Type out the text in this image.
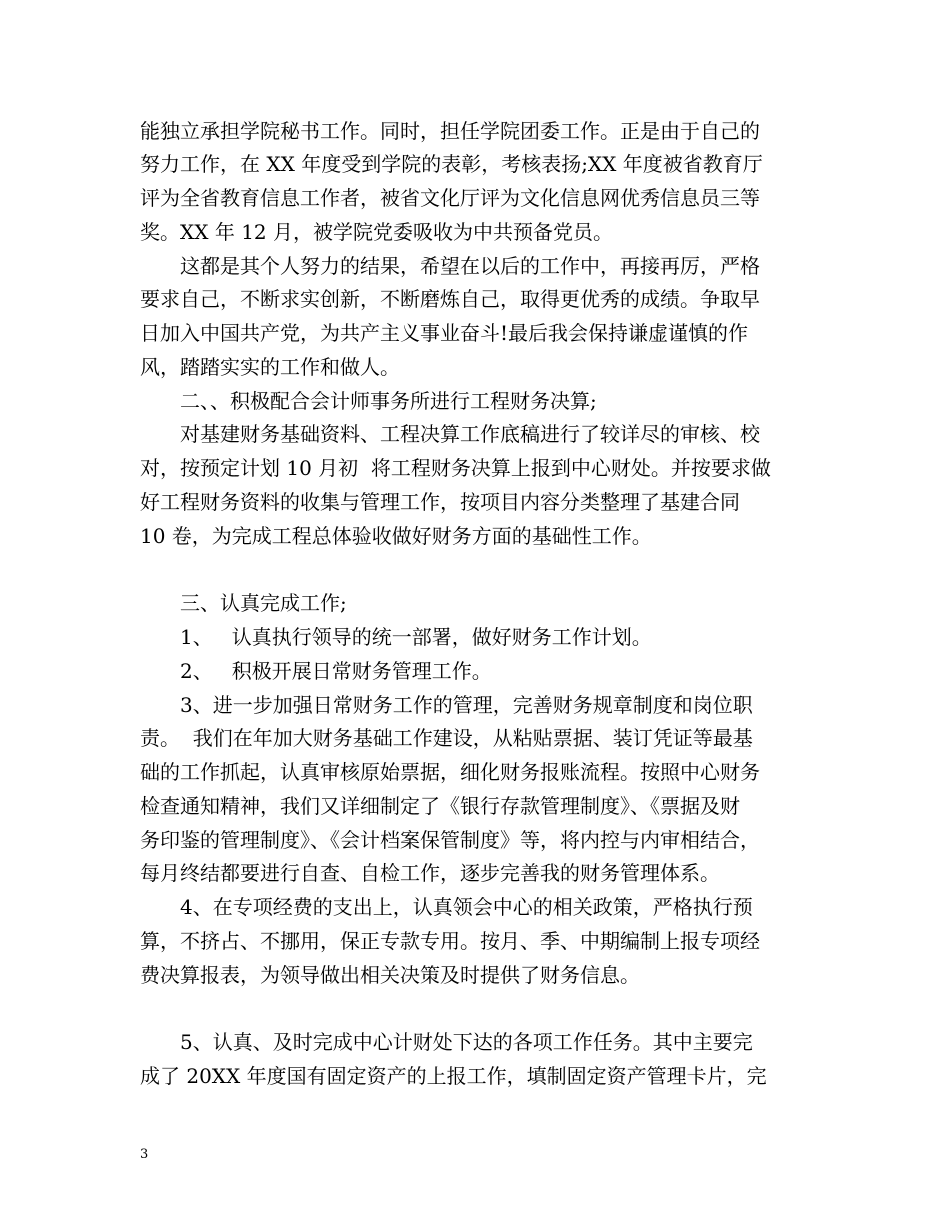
能独立承担学院秘书工作。同时，担任学院团委工作。正是由于自己的
努力工作，在 XX 年度受到学院的表彰，考核表扬;XX 年度被省教育厅
评为全省教育信息工作者，被省文化厅评为文化信息网优秀信息员三等
奖。XX 年 12 月，被学院党委吸收为中共预备党员。
这都是其个人努力的结果，希望在以后的工作中，再接再厉，严格
要求自己，不断求实创新，不断磨炼自己，取得更优秀的成绩。争取早
日加入中国共产党，为共产主义事业奋斗!最后我会保持谦虚谨慎的作
风，踏踏实实的工作和做人。
二、、积极配合会计师事务所进行工程财务决算;
对基建财务基础资料、工程决算工作底稿进行了较详尽的审核、校
对，按预定计划 10 月初  将工程财务决算上报到中心财处。并按要求做
好工程财务资料的收集与管理工作，按项目内容分类整理了基建合同
10 卷，为完成工程总体验收做好财务方面的基础性工作。
三、认真完成工作;
1、   认真执行领导的统一部署，做好财务工作计划。
2、   积极开展日常财务管理工作。
3、进一步加强日常财务工作的管理，完善财务规章制度和岗位职
责。  我们在年加大财务基础工作建设，从粘贴票据、装订凭证等最基
础的工作抓起，认真审核原始票据，细化财务报账流程。按照中心财务
检查通知精神，我们又详细制定了《银行存款管理制度》、《票据及财
务印鉴的管理制度》、《会计档案保管制度》等，将内控与内审相结合，
每月终结都要进行自查、自检工作，逐步完善我的财务管理体系。
4、在专项经费的支出上，认真领会中心的相关政策，严格执行预
算，不挤占、不挪用，保正专款专用。按月、季、中期编制上报专项经
费决算报表，为领导做出相关决策及时提供了财务信息。
5、认真、及时完成中心计财处下达的各项工作任务。其中主要完
成了 20XX 年度国有固定资产的上报工作，填制固定资产管理卡片，完
3
